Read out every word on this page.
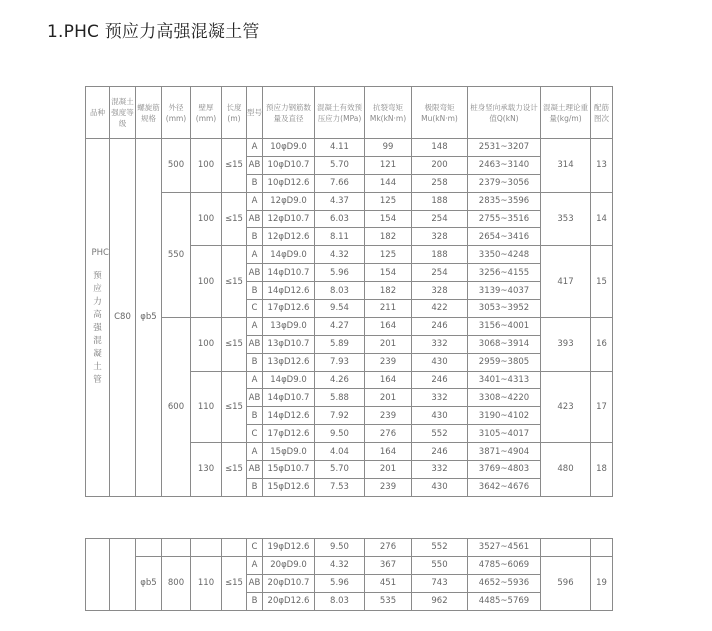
1.PHC 预应力高强混凝土管
品种	混凝土强度等级	螺旋筋规格	外径(mm)	壁厚(mm)	长度(m)	型号	预应力钢筋数量及直径	混凝土有效预压应力(MPa)	抗裂弯矩Mk(kN·m)	极限弯矩Mu(kN·m)	桩身竖向承载力设计值Q(kN)	混凝土理论重量(kg/m)	配筋图次
PHC

预应力高强混凝土管	C80	φb5	500	100	≤15	A	10φD9.0	4.11	99	148	2531~3207	314	13
						AB	10φD10.7	5.70	121	200	2463~3140		
						B	10φD12.6	7.66	144	258	2379~3056		
			550	100	≤15	A	12φD9.0	4.37	125	188	2835~3596	353	14
						AB	12φD10.7	6.03	154	254	2755~3516		
						B	12φD12.6	8.11	182	328	2654~3416		
				100	≤15	A	14φD9.0	4.32	125	188	3350~4248	417	15
						AB	14φD10.7	5.96	154	254	3256~4155		
						B	14φD12.6	8.03	182	328	3139~4037		
						C	17φD12.6	9.54	211	422	3053~3952		
			600	100	≤15	A	13φD9.0	4.27	164	246	3156~4001	393	16
						AB	13φD10.7	5.89	201	332	3068~3914		
						B	13φD12.6	7.93	239	430	2959~3805		
				110	≤15	A	14φD9.0	4.26	164	246	3401~4313	423	17
						AB	14φD10.7	5.88	201	332	3308~4220		
						B	14φD12.6	7.92	239	430	3190~4102		
						C	17φD12.6	9.50	276	552	3105~4017		
				130	≤15	A	15φD9.0	4.04	164	246	3871~4904	480	18
						AB	15φD10.7	5.70	201	332	3769~4803		
						B	15φD12.6	7.53	239	430	3642~4676		
						C	19φD12.6	9.50	276	552	3527~4561		
		φb5	800	110	≤15	A	20φD9.0	4.32	367	550	4785~6069	596	19
						AB	20φD10.7	5.96	451	743	4652~5936		
						B	20φD12.6	8.03	535	962	4485~5769		
